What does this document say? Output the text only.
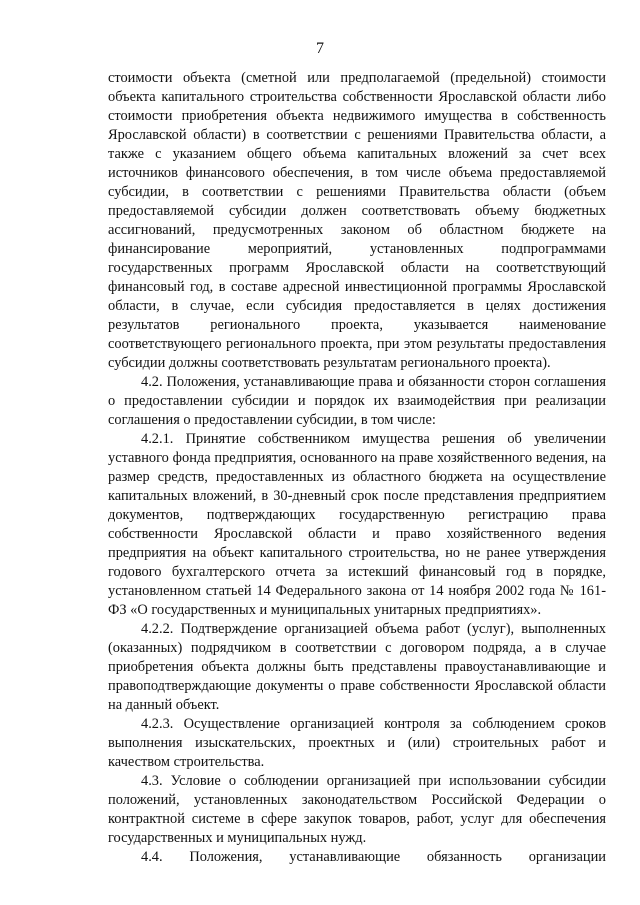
7

стоимости объекта (сметной или предполагаемой (предельной) стоимости объекта капитального строительства собственности Ярославской области либо стоимости приобретения объекта недвижимого имущества в собственность Ярославской области) в соответствии с решениями Правительства области, а также с указанием общего объема капитальных вложений за счет всех источников финансового обеспечения, в том числе объема предоставляемой субсидии, в соответствии с решениями Правительства области (объем предоставляемой субсидии должен соответствовать объему бюджетных ассигнований, предусмотренных законом об областном бюджете на финансирование мероприятий, установленных подпрограммами государственных программ Ярославской области на соответствующий финансовый год, в составе адресной инвестиционной программы Ярославской области, в случае, если субсидия предоставляется в целях достижения результатов регионального проекта, указывается наименование соответствующего регионального проекта, при этом результаты предоставления субсидии должны соответствовать результатам регионального проекта).

4.2. Положения, устанавливающие права и обязанности сторон соглашения о предоставлении субсидии и порядок их взаимодействия при реализации соглашения о предоставлении субсидии, в том числе:

4.2.1. Принятие собственником имущества решения об увеличении уставного фонда предприятия, основанного на праве хозяйственного ведения, на размер средств, предоставленных из областного бюджета на осуществление капитальных вложений, в 30-дневный срок после представления предприятием документов, подтверждающих государственную регистрацию права собственности Ярославской области и право хозяйственного ведения предприятия на объект капитального строительства, но не ранее утверждения годового бухгалтерского отчета за истекший финансовый год в порядке, установленном статьей 14 Федерального закона от 14 ноября 2002 года № 161-ФЗ «О государственных и муниципальных унитарных предприятиях».

4.2.2. Подтверждение организацией объема работ (услуг), выполненных (оказанных) подрядчиком в соответствии с договором подряда, а в случае приобретения объекта должны быть представлены правоустанавливающие и правоподтверждающие документы о праве собственности Ярославской области на данный объект.

4.2.3. Осуществление организацией контроля за соблюдением сроков выполнения изыскательских, проектных и (или) строительных работ и качеством строительства.

4.3. Условие о соблюдении организацией при использовании субсидии положений, установленных законодательством Российской Федерации о контрактной системе в сфере закупок товаров, работ, услуг для обеспечения государственных и муниципальных нужд.

4.4. Положения, устанавливающие обязанность организации
